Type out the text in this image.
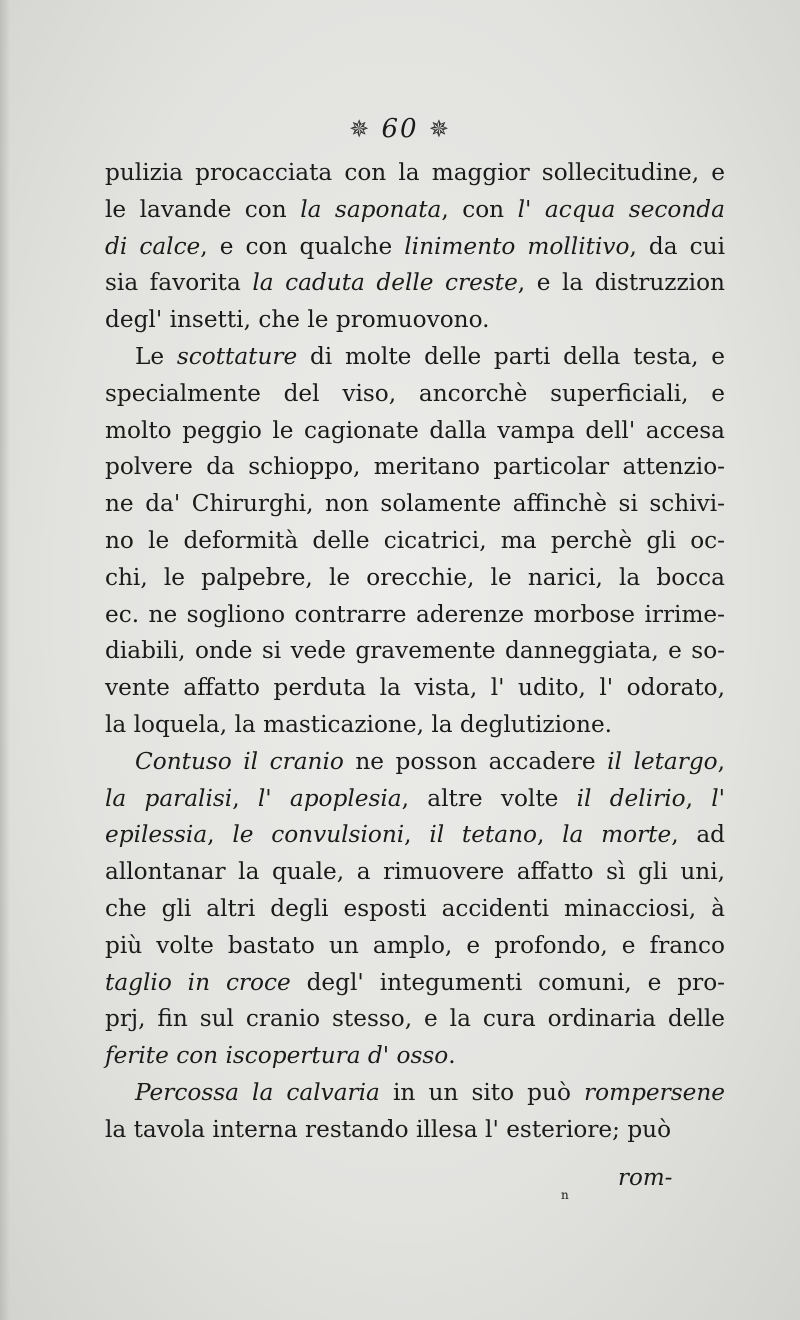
✵ 60 ✵
pulizia procacciata con la maggior sollecitudine, e
le lavande con la saponata, con l' acqua seconda
di calce, e con qualche linimento mollitivo, da cui
sia favorita la caduta delle creste, e la distruzzion
degl' insetti, che le promuovono.
Le scottature di molte delle parti della testa, e
specialmente del viso, ancorchè superficiali, e
molto peggio le cagionate dalla vampa dell' accesa
polvere da schioppo, meritano particolar attenzio-
ne da' Chirurghi, non solamente affinchè si schivi-
no le deformità delle cicatrici, ma perchè gli oc-
chi, le palpebre, le orecchie, le narici, la bocca
ec. ne sogliono contrarre aderenze morbose irrime-
diabili, onde si vede gravemente danneggiata, e so-
vente affatto perduta la vista, l' udito, l' odorato,
la loquela, la masticazione, la deglutizione.
Contuso il cranio ne posson accadere il letargo,
la paralisi, l' apoplesia, altre volte il delirio, l'
epilessia, le convulsioni, il tetano, la morte, ad
allontanar la quale, a rimuovere affatto sì gli uni,
che gli altri degli esposti accidenti minacciosi, à
più volte bastato un amplo, e profondo, e franco
taglio in croce degl' integumenti comuni, e pro-
prj, fin sul cranio stesso, e la cura ordinaria delle
ferite con iscopertura d' osso.
Percossa la calvaria in un sito può rompersene
la tavola interna restando illesa l' esteriore; può
rom-
n
